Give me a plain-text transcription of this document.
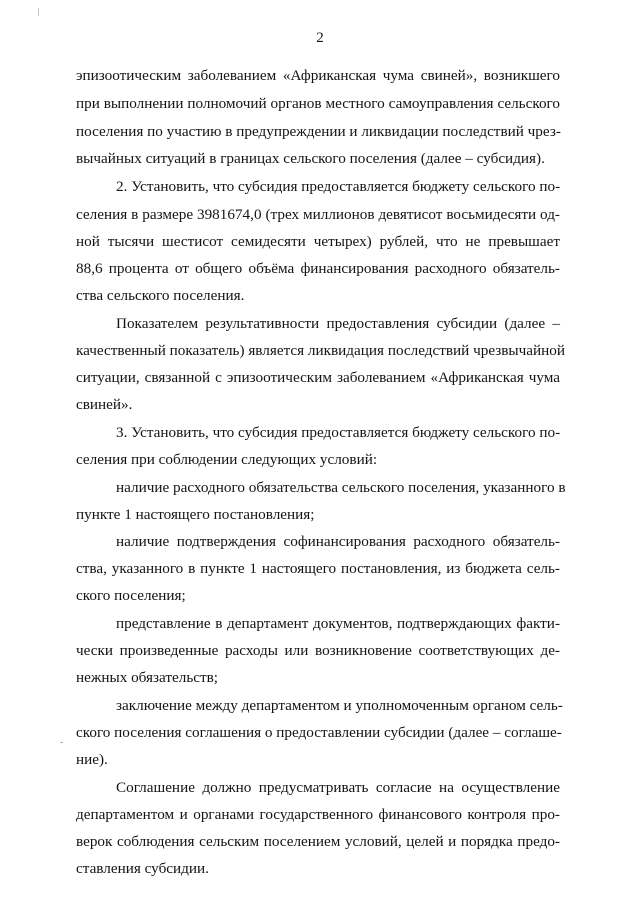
2
эпизоотическим заболеванием «Африканская чума свиней», возникшего
при выполнении полномочий органов местного самоуправления сельского
поселения по участию в предупреждении и ликвидации последствий чрез-
вычайных ситуаций в границах сельского поселения (далее – субсидия).
2. Установить, что субсидия предоставляется бюджету сельского по-
селения в размере 3981674,0 (трех миллионов девятисот восьмидесяти од-
ной тысячи шестисот семидесяти четырех) рублей, что не превышает
88,6 процента от общего объёма финансирования расходного обязатель-
ства сельского поселения.
Показателем результативности предоставления субсидии (далее –
качественный показатель) является ликвидация последствий чрезвычайной
ситуации, связанной с эпизоотическим заболеванием «Африканская чума
свиней».
3. Установить, что субсидия предоставляется бюджету сельского по-
селения при соблюдении следующих условий:
наличие расходного обязательства сельского поселения, указанного в
пункте 1 настоящего постановления;
наличие подтверждения софинансирования расходного обязатель-
ства, указанного в пункте 1 настоящего постановления, из бюджета сель-
ского поселения;
представление в департамент документов, подтверждающих факти-
чески произведенные расходы или возникновение соответствующих де-
нежных обязательств;
заключение между департаментом и уполномоченным органом сель-
ского поселения соглашения о предоставлении субсидии (далее – соглаше-
ние).
Соглашение должно предусматривать согласие на осуществление
департаментом и органами государственного финансового контроля про-
верок соблюдения сельским поселением условий, целей и порядка предо-
ставления субсидии.
